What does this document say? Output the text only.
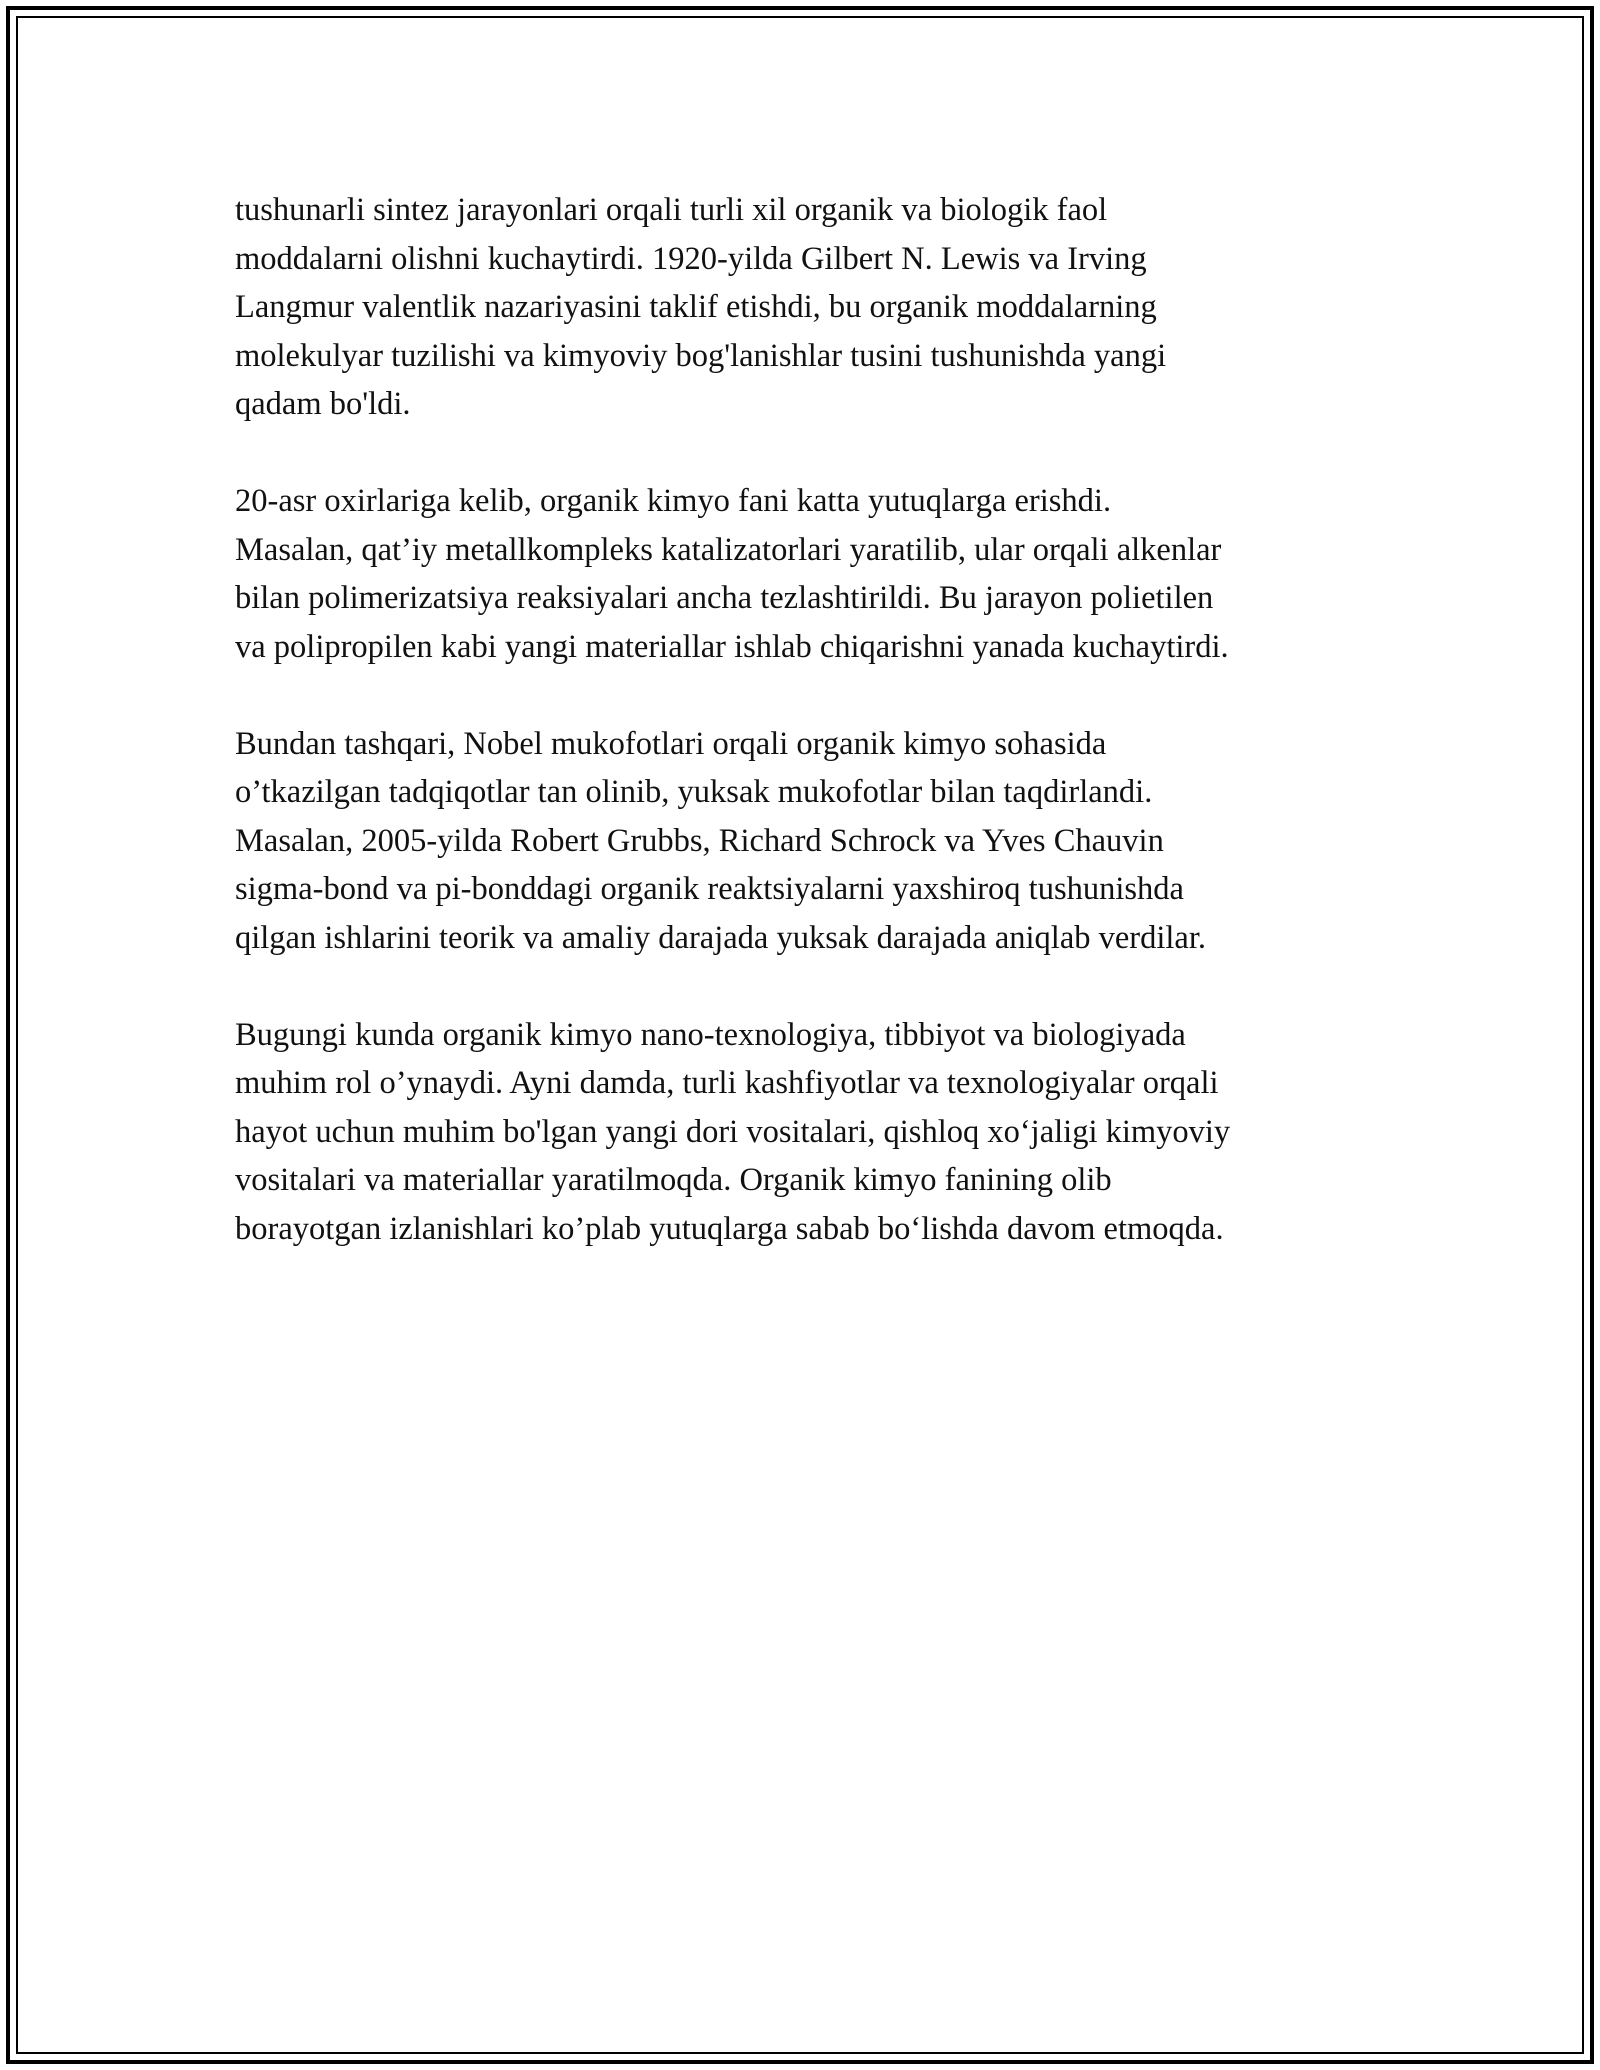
tushunarli sintez jarayonlari orqali turli xil organik va biologik faol
moddalarni olishni kuchaytirdi. 1920-yilda Gilbert N. Lewis va Irving
Langmur valentlik nazariyasini taklif etishdi, bu organik moddalarning
molekulyar tuzilishi va kimyoviy bog'lanishlar tusini tushunishda yangi
qadam bo'ldi.

20-asr oxirlariga kelib, organik kimyo fani katta yutuqlarga erishdi.
Masalan, qat’iy metallkompleks katalizatorlari yaratilib, ular orqali alkenlar
bilan polimerizatsiya reaksiyalari ancha tezlashtirildi. Bu jarayon polietilen
va polipropilen kabi yangi materiallar ishlab chiqarishni yanada kuchaytirdi.

Bundan tashqari, Nobel mukofotlari orqali organik kimyo sohasida
o’tkazilgan tadqiqotlar tan olinib, yuksak mukofotlar bilan taqdirlandi.
Masalan, 2005-yilda Robert Grubbs, Richard Schrock va Yves Chauvin
sigma-bond va pi-bonddagi organik reaktsiyalarni yaxshiroq tushunishda
qilgan ishlarini teorik va amaliy darajada yuksak darajada aniqlab verdilar.

Bugungi kunda organik kimyo nano-texnologiya, tibbiyot va biologiyada
muhim rol o’ynaydi. Ayni damda, turli kashfiyotlar va texnologiyalar orqali
hayot uchun muhim bo'lgan yangi dori vositalari, qishloq xo‘jaligi kimyoviy
vositalari va materiallar yaratilmoqda. Organik kimyo fanining olib
borayotgan izlanishlari ko’plab yutuqlarga sabab bo‘lishda davom etmoqda.
